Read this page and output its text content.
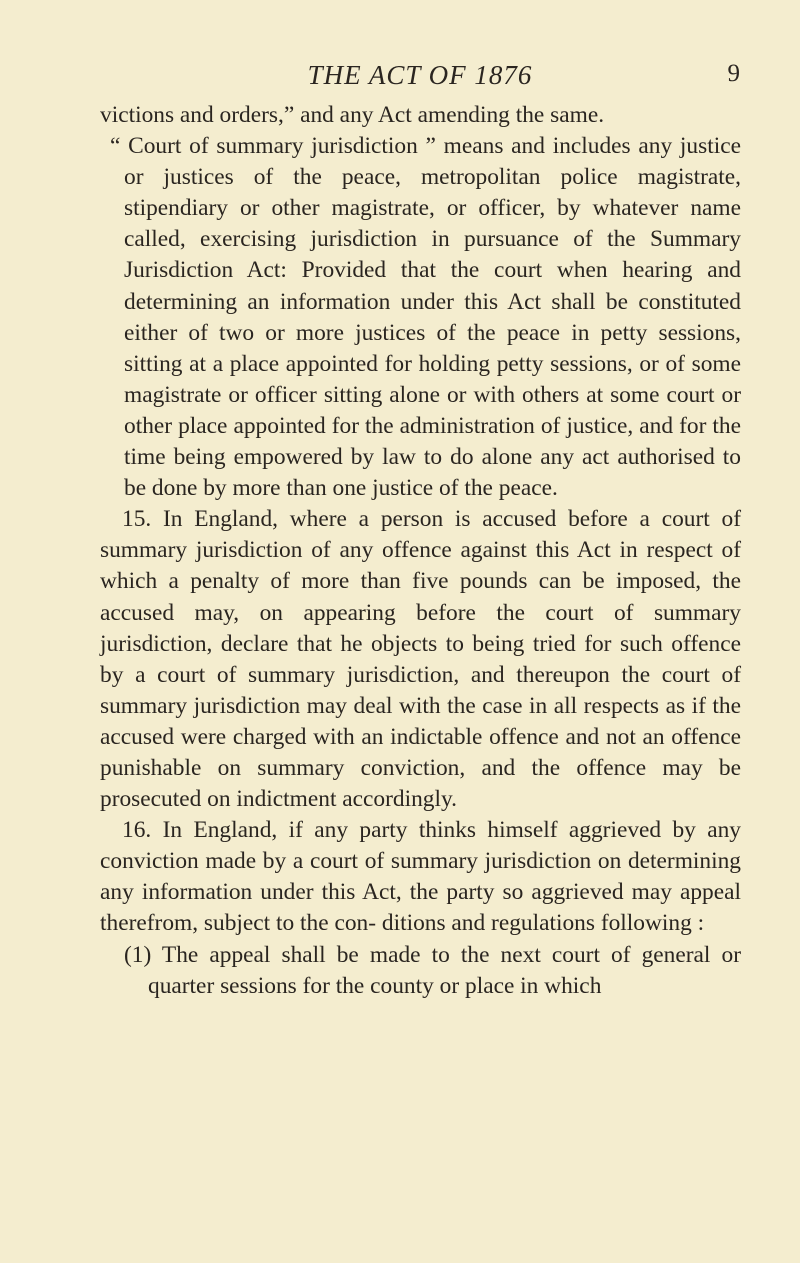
THE ACT OF 1876	9

victions and orders,” and any Act amending the same.

“ Court of summary jurisdiction ” means and includes any justice or justices of the peace, metropolitan police magistrate, stipendiary or other magistrate, or officer, by whatever name called, exercising jurisdiction in pursuance of the Summary Jurisdiction Act: Provided that the court when hearing and determining an information under this Act shall be constituted either of two or more justices of the peace in petty sessions, sitting at a place appointed for holding petty sessions, or of some magistrate or officer sitting alone or with others at some court or other place appointed for the administration of justice, and for the time being empowered by law to do alone any act authorised to be done by more than one justice of the peace.

15. In England, where a person is accused before a court of summary jurisdiction of any offence against this Act in respect of which a penalty of more than five pounds can be imposed, the accused may, on appearing before the court of summary jurisdiction, declare that he objects to being tried for such offence by a court of summary jurisdiction, and thereupon the court of summary jurisdiction may deal with the case in all respects as if the accused were charged with an indictable offence and not an offence punishable on summary conviction, and the offence may be prosecuted on indictment accordingly.

16. In England, if any party thinks himself aggrieved by any conviction made by a court of summary jurisdiction on determining any information under this Act, the party so aggrieved may appeal therefrom, subject to the con- ditions and regulations following :

(1) The appeal shall be made to the next court of general or quarter sessions for the county or place in which
